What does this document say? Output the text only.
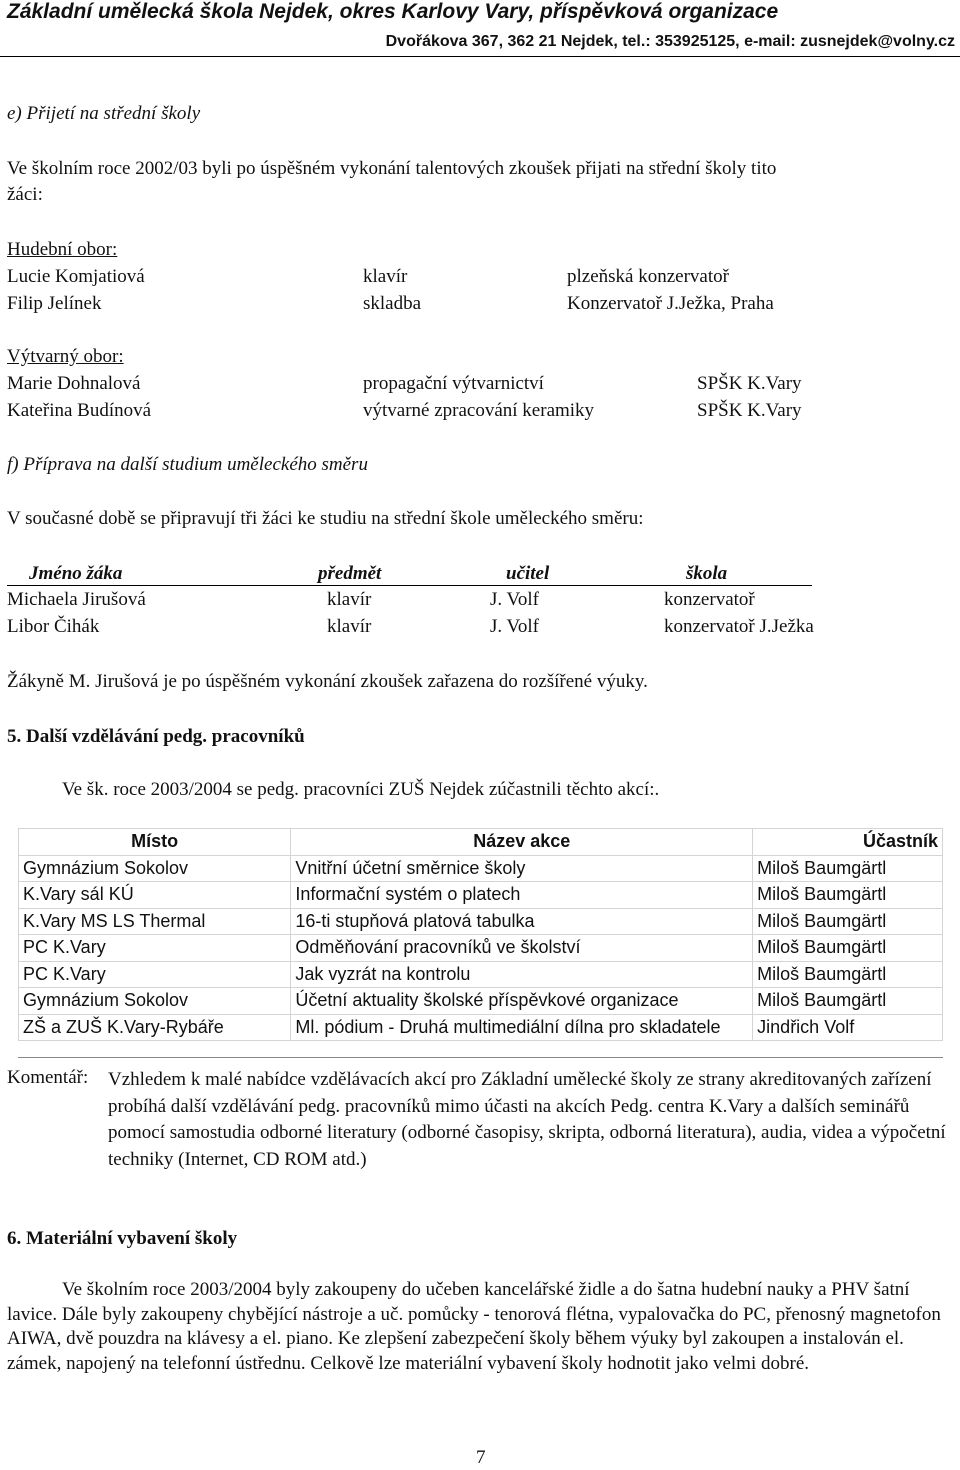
Základní umělecká škola Nejdek, okres Karlovy Vary, příspěvková organizace
Dvořákova 367, 362 21 Nejdek, tel.: 353925125, e-mail: zusnejdek@volny.cz
e) Přijetí na střední školy
Ve školním roce 2002/03 byli po úspěšném vykonání talentových zkoušek přijati na střední školy tito
žáci:
Hudební obor:
Lucie Komjatiová	klavír	plzeňská konzervatoř
Filip Jelínek	skladba	Konzervatoř J.Ježka, Praha
Výtvarný obor:
Marie Dohnalová	propagační výtvarnictví	SPŠK K.Vary
Kateřina Budínová	výtvarné zpracování keramiky	SPŠK K.Vary
f) Příprava na další studium uměleckého směru
V současné době se připravují tři žáci ke studiu na střední škole uměleckého směru:
Jméno žáka	předmět	učitel	škola
Michaela Jirušová	klavír	J. Volf	konzervatoř
Libor Čihák	klavír	J. Volf	konzervatoř J.Ježka
Žákyně M. Jirušová je po úspěšném vykonání zkoušek zařazena do rozšířené výuky.
5. Další vzdělávání pedg. pracovníků
Ve šk. roce 2003/2004 se pedg. pracovníci ZUŠ Nejdek zúčastnili těchto akcí:.
Místo	Název akce	Účastník
Gymnázium Sokolov	Vnitřní účetní směrnice školy	Miloš Baumgärtl
K.Vary sál KÚ	Informační systém o platech	Miloš Baumgärtl
K.Vary MS LS Thermal	16-ti stupňová platová tabulka	Miloš Baumgärtl
PC K.Vary	Odměňování pracovníků ve školství	Miloš Baumgärtl
PC K.Vary	Jak vyzrát na kontrolu	Miloš Baumgärtl
Gymnázium Sokolov	Účetní aktuality školské příspěvkové organizace	Miloš Baumgärtl
ZŠ a ZUŠ K.Vary-Rybáře	Ml. pódium - Druhá multimediální dílna pro skladatele	Jindřich Volf
Komentář: Vzhledem k malé nabídce vzdělávacích akcí pro Základní umělecké školy ze strany akreditovaných zařízení probíhá další vzdělávání pedg. pracovníků mimo účasti na akcích Pedg. centra K.Vary a dalších seminářů pomocí samostudia odborné literatury (odborné časopisy, skripta, odborná literatura), audia, videa a výpočetní techniky (Internet, CD ROM atd.)
6. Materiální vybavení školy
Ve školním roce 2003/2004 byly zakoupeny do učeben kancelářské židle a do šatna hudební nauky a PHV šatní lavice. Dále byly zakoupeny chybějící nástroje a uč. pomůcky - tenorová flétna, vypalovačka do PC, přenosný magnetofon AIWA, dvě pouzdra na klávesy a el. piano. Ke zlepšení zabezpečení školy během výuky byl zakoupen a instalován el. zámek, napojený na telefonní ústřednu. Celkově lze materiální vybavení školy hodnotit jako velmi dobré.
7
